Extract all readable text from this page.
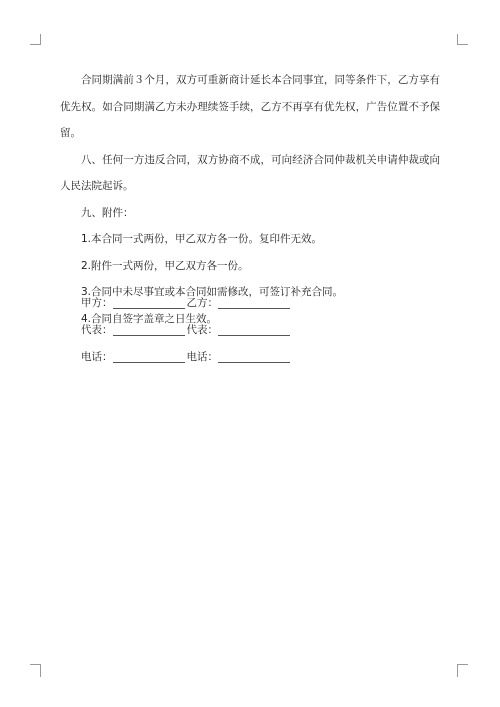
合同期满前３个月，双方可重新商计延长本合同事宜，同等条件下，乙方享有优先权。如合同期满乙方未办理续签手续，乙方不再享有优先权，广告位置不予保留。

八、任何一方违反合同，双方协商不成，可向经济合同仲裁机关申请仲裁或向人民法院起诉。

九、附件：

1.本合同一式两份，甲乙双方各一份。复印件无效。

2.附件一式两份，甲乙双方各一份。

3.合同中未尽事宜或本合同如需修改，可签订补充合同。

4.合同自签字盖章之日生效。

甲方：	乙方：
代表：	代表：
电话：	电话：
